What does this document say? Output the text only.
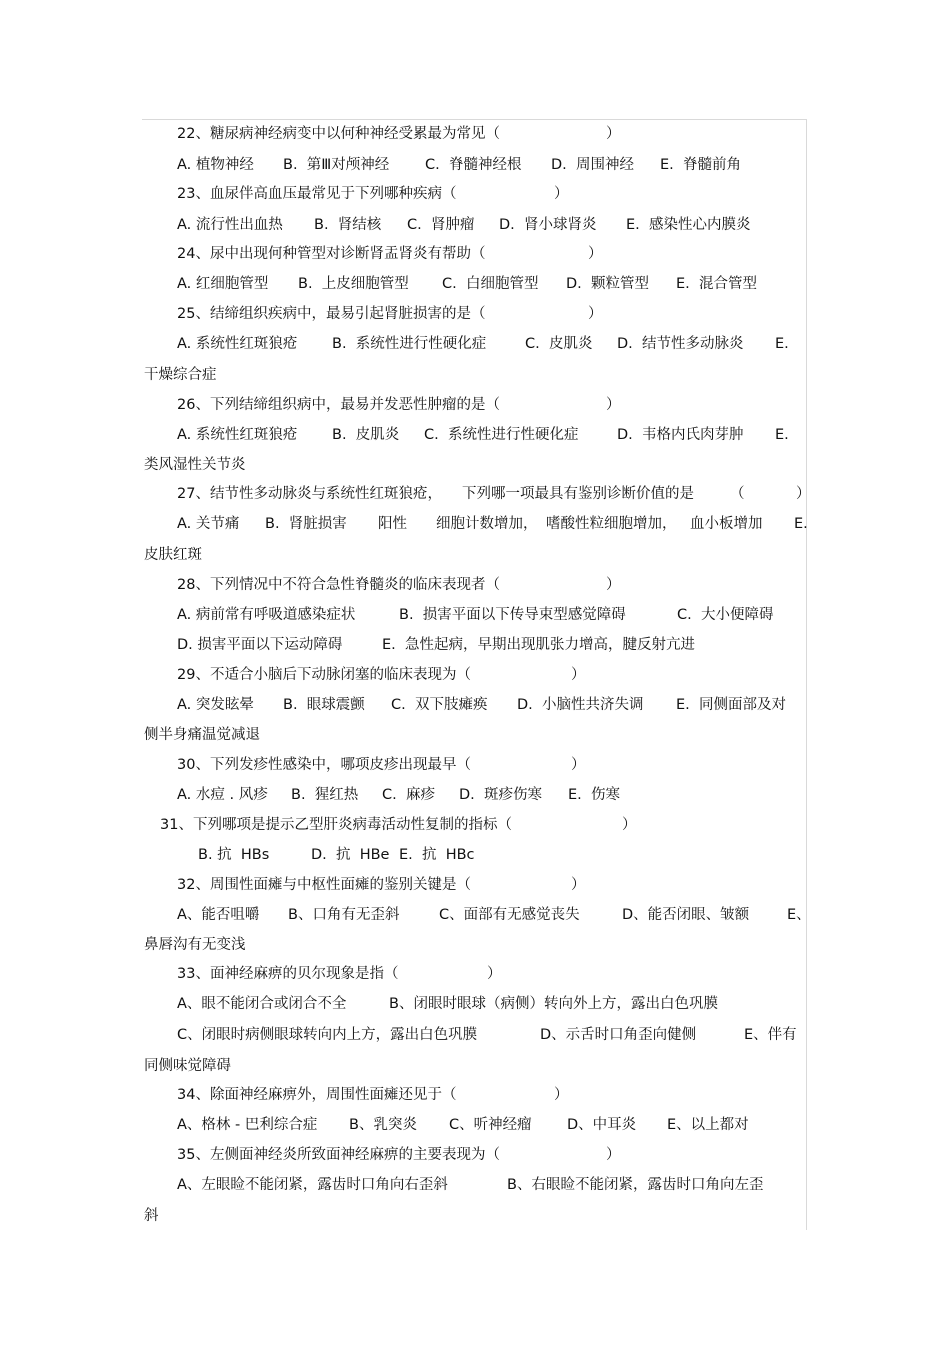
22、糖尿病神经病变中以何种神经受累最为常见（	）
A. 植物神经 B.  第Ⅲ对颅神经 C.  脊髓神经根 D.  周围神经 E.  脊髓前角
23、血尿伴高血压最常见于下列哪种疾病（	）
A. 流行性出血热 B.  肾结核 C.  肾肿瘤 D.  肾小球肾炎 E.  感染性心内膜炎
24、尿中出现何种管型对诊断肾盂肾炎有帮助（	）
A. 红细胞管型 B.  上皮细胞管型 C.  白细胞管型 D.  颗粒管型 E.  混合管型
25、结缔组织疾病中，最易引起肾脏损害的是（	）
A. 系统性红斑狼疮 B.  系统性进行性硬化症	C.  皮肌炎 D.  结节性多动脉炎 E.
干燥综合症
26、下列结缔组织病中，最易并发恶性肿瘤的是（	）
A. 系统性红斑狼疮 B.  皮肌炎 C.  系统性进行性硬化症	D.  韦格内氏肉芽肿 E.
类风湿性关节炎
27、结节性多动脉炎与系统性红斑狼疮， 下列哪一项最具有鉴别诊断价值的是 （	）
A. 关节痛 B.  肾脏损害 阳性 细胞计数增加， 嗜酸性粒细胞增加， 血小板增加 E.
皮肤红斑
28、下列情况中不符合急性脊髓炎的临床表现者（	）
A. 病前常有呼吸道感染症状	B.  损害平面以下传导束型感觉障碍	C.  大小便障碍
D. 损害平面以下运动障碍	E.  急性起病，早期出现肌张力增高，腱反射亢进
29、不适合小脑后下动脉闭塞的临床表现为（	）
A. 突发眩晕 B.  眼球震颤 C.  双下肢瘫痪 D.  小脑性共济失调 E.  同侧面部及对
侧半身痛温觉减退
30、下列发疹性感染中，哪项皮疹出现最早（	）
A. 水痘 . 风疹 B.  猩红热 C.  麻疹 D.  斑疹伤寒 E.  伤寒
31、下列哪项是提示乙型肝炎病毒活动性复制的指标（	）
B. 抗  HBs	D.  抗  HBe E.  抗  HBc
32、周围性面瘫与中枢性面瘫的鉴别关键是（	）
A、能否咀嚼 B、口角有无歪斜	C、面部有无感觉丧失	D、能否闭眼、皱额	E、
鼻唇沟有无变浅
33、面神经麻痹的贝尔现象是指（	）
A、眼不能闭合或闭合不全	B、闭眼时眼球（病侧）转向外上方，露出白色巩膜
C、闭眼时病侧眼球转向内上方，露出白色巩膜	D、示舌时口角歪向健侧	E、伴有
同侧味觉障碍
34、除面神经麻痹外，周围性面瘫还见于（	）
A、格林 - 巴利综合症 B、乳突炎 C、听神经瘤 D、中耳炎 E、以上都对
35、左侧面神经炎所致面神经麻痹的主要表现为（	）
A、左眼睑不能闭紧，露齿时口角向右歪斜	B、右眼睑不能闭紧，露齿时口角向左歪
斜
